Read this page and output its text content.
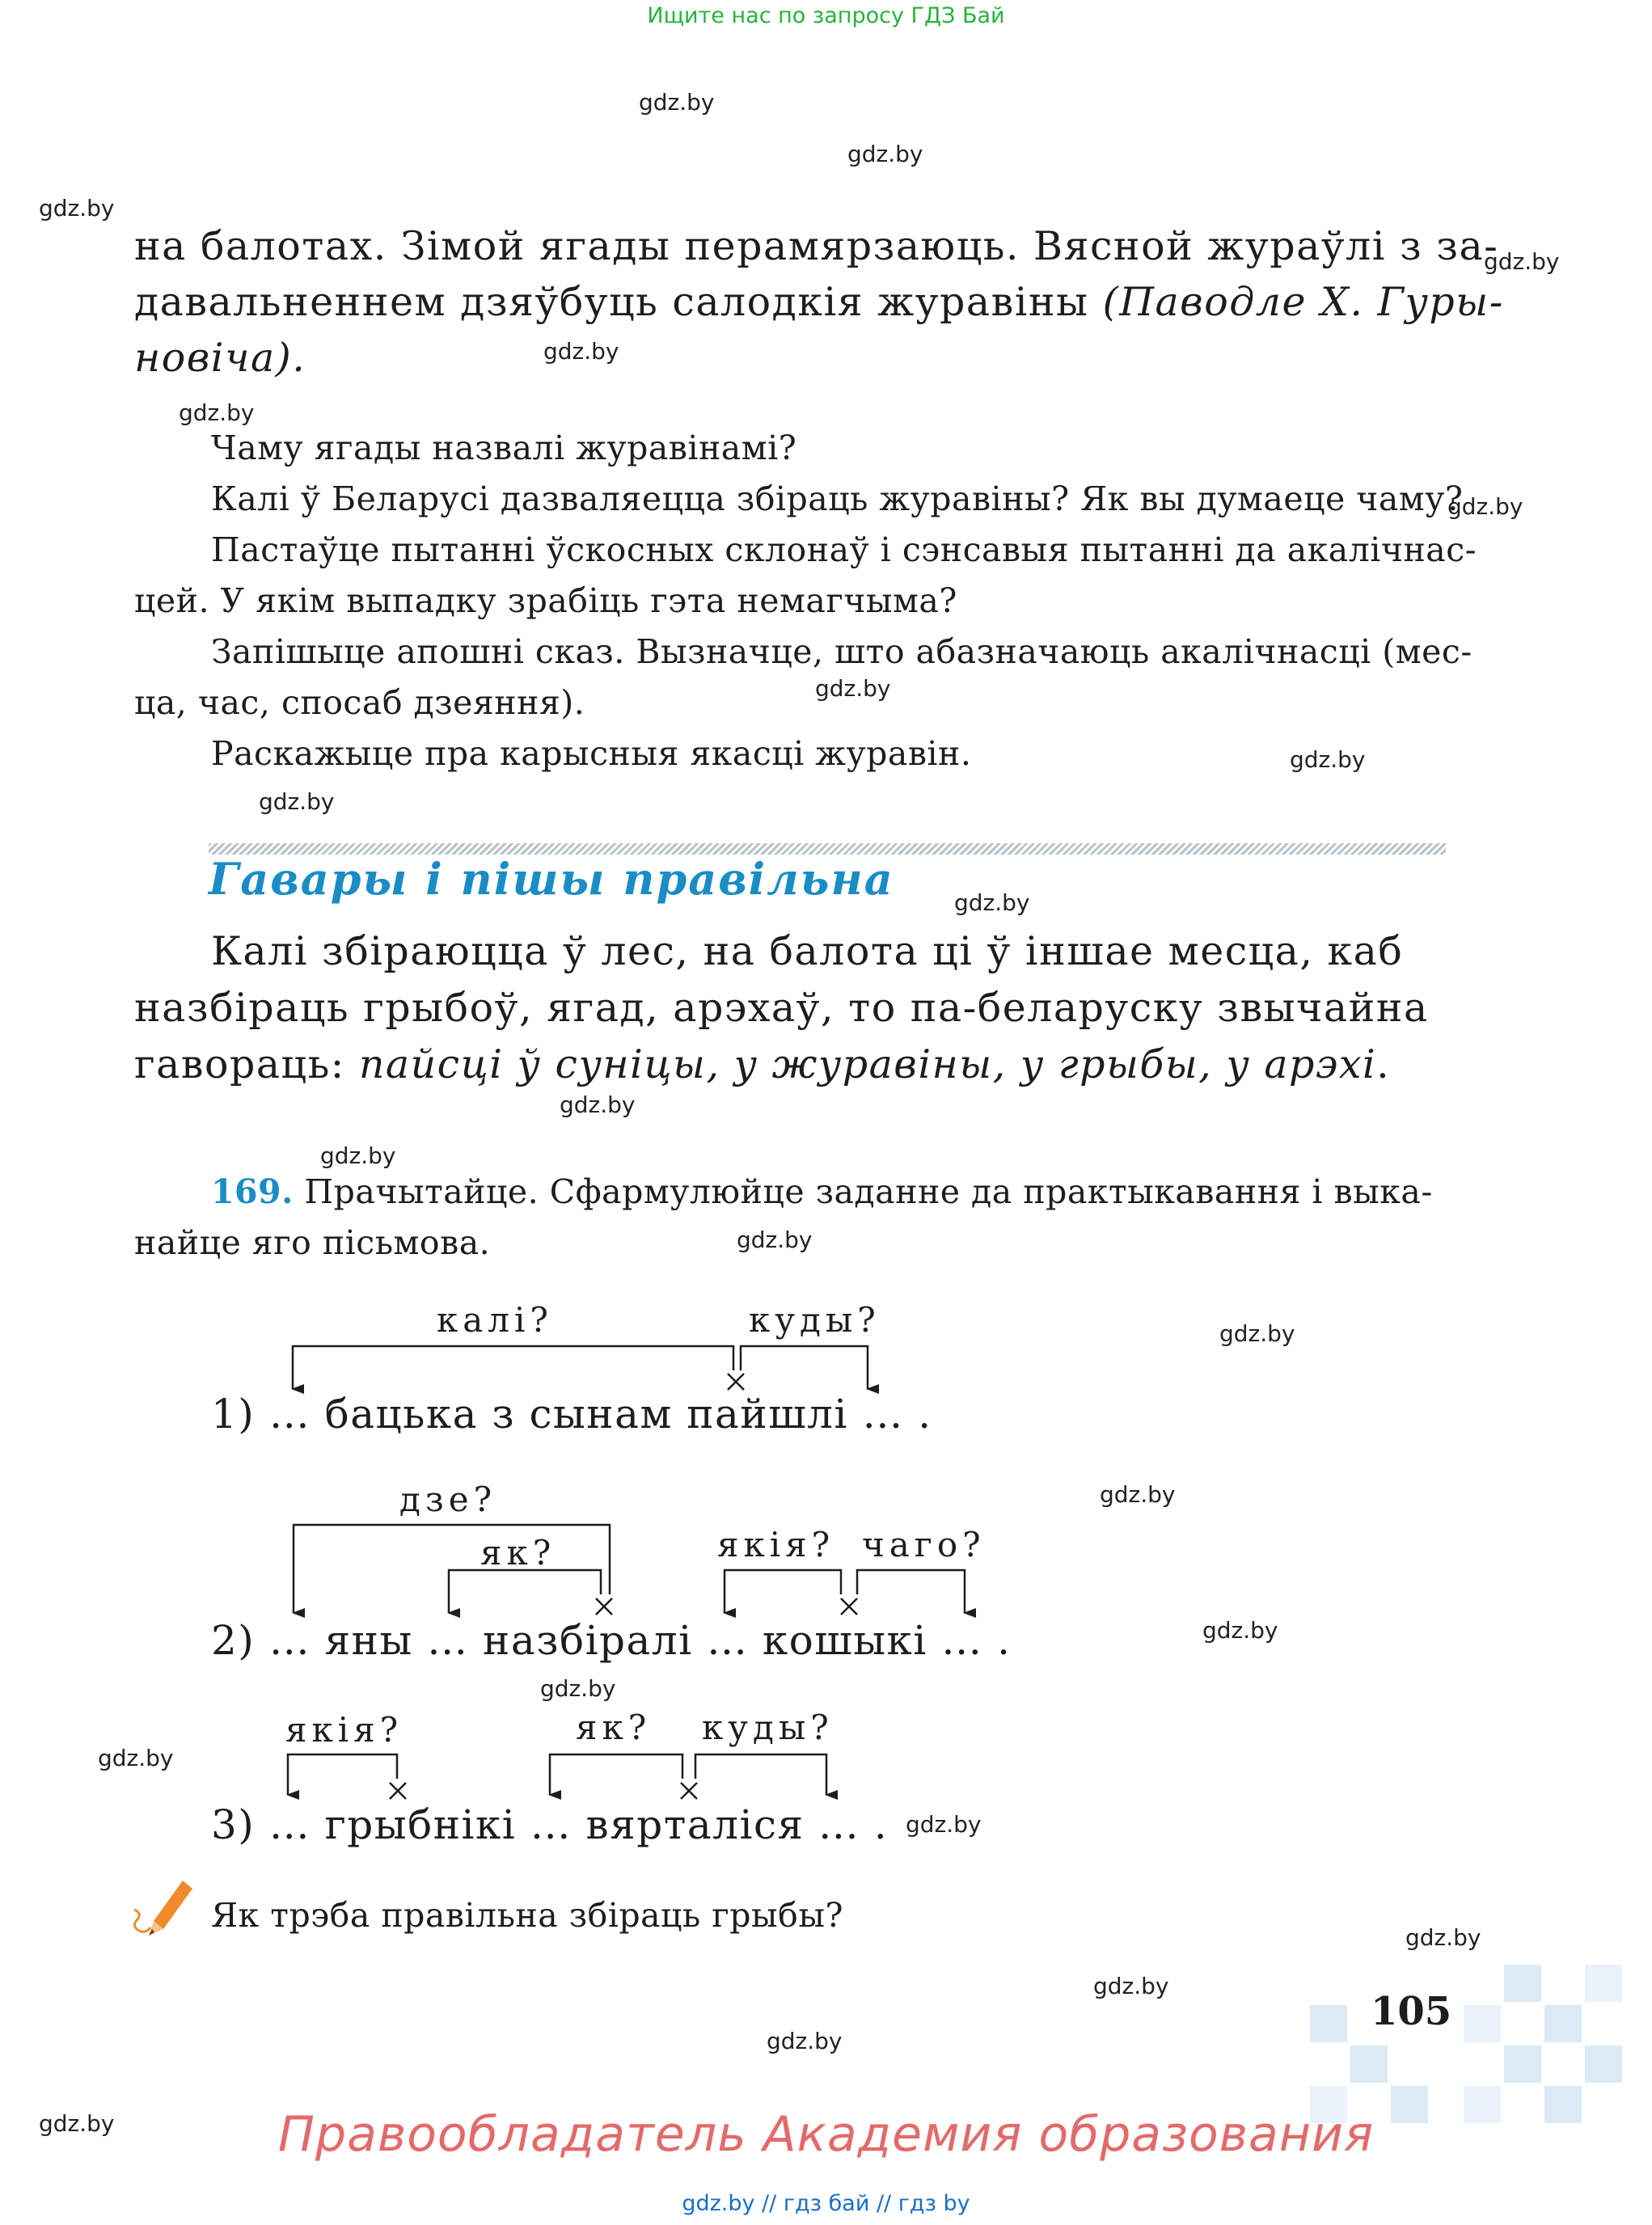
Ищите нас по запросу ГДЗ Бай
gdz.by
gdz.by
gdz.by
gdz.by
gdz.by
gdz.by
gdz.by
gdz.by
gdz.by
gdz.by
gdz.by
gdz.by
gdz.by
gdz.by
gdz.by
gdz.by
gdz.by
gdz.by
gdz.by
gdz.by
gdz.by
gdz.by
gdz.by
gdz.by
на балотах. Зімой ягады перамярзаюць. Вясной жураўлі з за-
давальненнем дзяўбуць салодкія журавіны (Паводле Х. Гуры-
новіча).
Чаму ягады назвалі журавінамі?
Калі ў Беларусі дазваляецца збіраць журавіны? Як вы думаеце чаму?
Пастаўце пытанні ўскосных склонаў і сэнсавыя пытанні да акалічнас-
цей. У якім выпадку зрабіць гэта немагчыма?
Запішыце апошні сказ. Вызначце, што абазначаюць акалічнасці (мес-
ца, час, спосаб дзеяння).
Раскажыце пра карысныя якасці журавін.
Гавары і пішы правільна
Калі збіраюцца ў лес, на балота ці ў іншае месца, каб
назбіраць грыбоў, ягад, арэхаў, то па-беларуску звычайна
гавораць: пайсці ў суніцы, у журавіны, у грыбы, у арэхі.
169. Прачытайце. Сфармулюйце заданне да практыкавання і выка-
найце яго пісьмова.
калі?	куды?
1) … бацька з сынам пайшлі … .
дзе?
як?	якія? чаго?
2) … яны … назбіралі … кошыкі … .
якія?	як? куды?
3) … грыбнікі … вярталіся … .
Як трэба правільна збіраць грыбы?
105
Правообладатель Академия образования
gdz.by // гдз бай // гдз by
